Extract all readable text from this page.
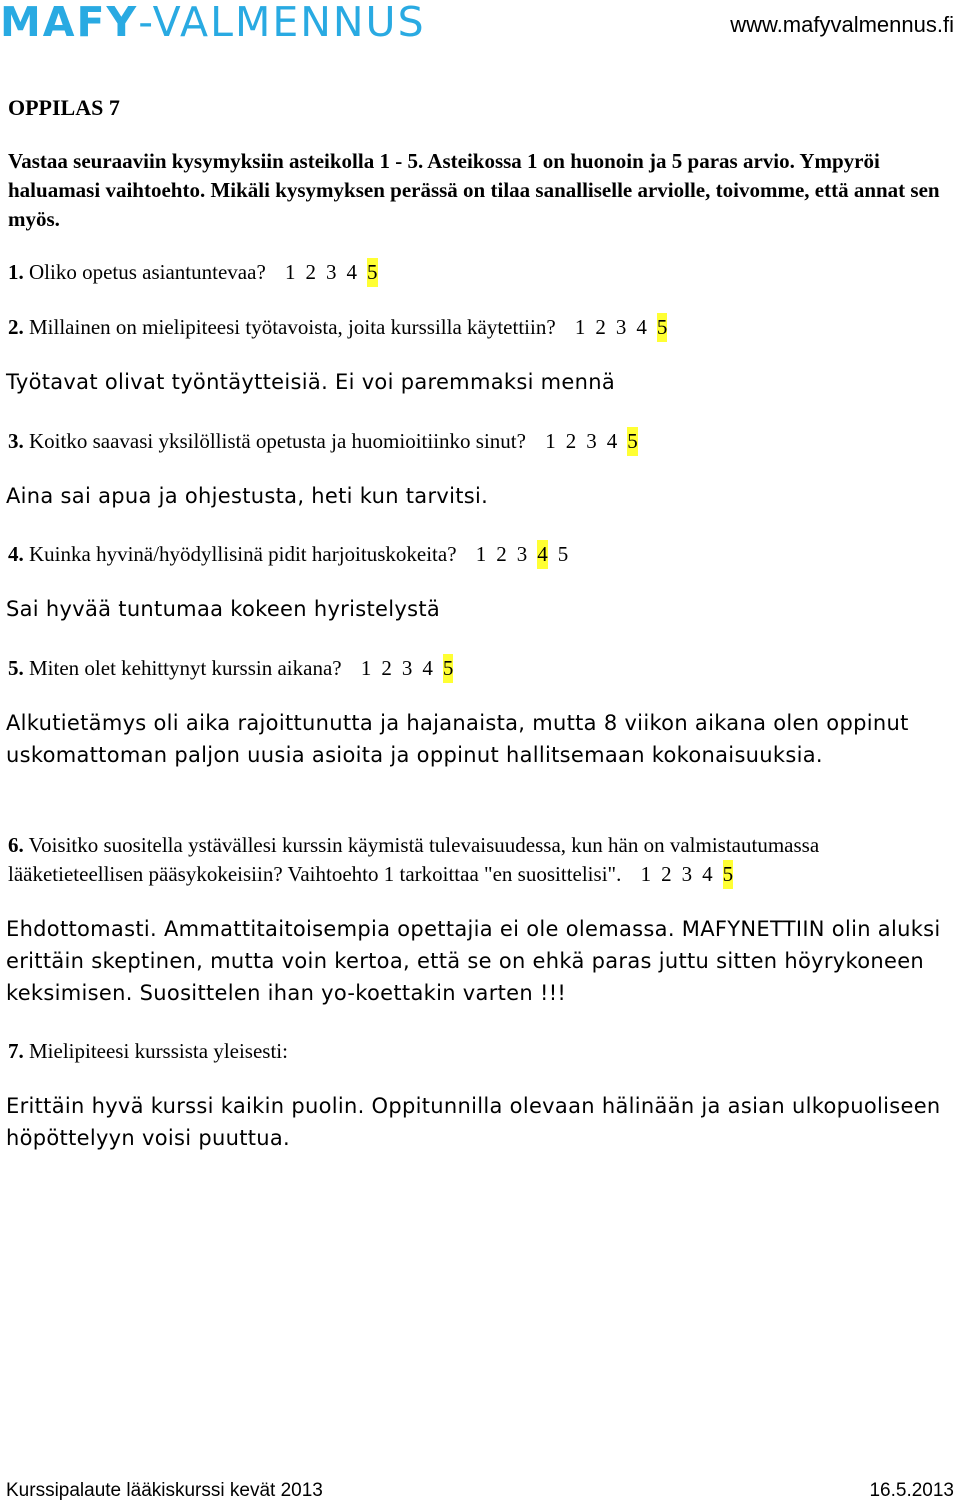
MAFY-VALMENNUS	www.mafyvalmennus.fi
OPPILAS 7
Vastaa seuraaviin kysymyksiin asteikolla 1 - 5. Asteikossa 1 on huonoin ja 5 paras arvio. Ympyröi haluamasi vaihtoehto. Mikäli kysymyksen perässä on tilaa sanalliselle arviolle, toivomme, että annat sen myös.
1. Oliko opetus asiantuntevaa? 1 2 3 4 5
2. Millainen on mielipiteesi työtavoista, joita kurssilla käytettiin? 1 2 3 4 5
Työtavat olivat työntäytteisiä. Ei voi paremmaksi mennä
3. Koitko saavasi yksilöllistä opetusta ja huomioitiinko sinut? 1 2 3 4 5
Aina sai apua ja ohjestusta, heti kun tarvitsi.
4. Kuinka hyvinä/hyödyllisinä pidit harjoituskokeita? 1 2 3 4 5
Sai hyvää tuntumaa kokeen hyristelystä
5. Miten olet kehittynyt kurssin aikana? 1 2 3 4 5
Alkutietämys oli aika rajoittunutta ja hajanaista, mutta 8 viikon aikana olen oppinut uskomattoman paljon uusia asioita ja oppinut hallitsemaan kokonaisuuksia.
6. Voisitko suositella ystävällesi kurssin käymistä tulevaisuudessa, kun hän on valmistautumassa lääketieteellisen pääsykokeisiin? Vaihtoehto 1 tarkoittaa "en suosittelisi". 1 2 3 4 5
Ehdottomasti. Ammattitaitoisempia opettajia ei ole olemassa. MAFYNETTIIN olin aluksi erittäin skeptinen, mutta voin kertoa, että se on ehkä paras juttu sitten höyrykoneen keksimisen. Suosittelen ihan yo-koettakin varten !!!
7. Mielipiteesi kurssista yleisesti:
Erittäin hyvä kurssi kaikin puolin. Oppitunnilla olevaan hälinään ja asian ulkopuoliseen höpöttelyyn voisi puuttua.
Kurssipalaute lääkiskurssi kevät 2013	16.5.2013
